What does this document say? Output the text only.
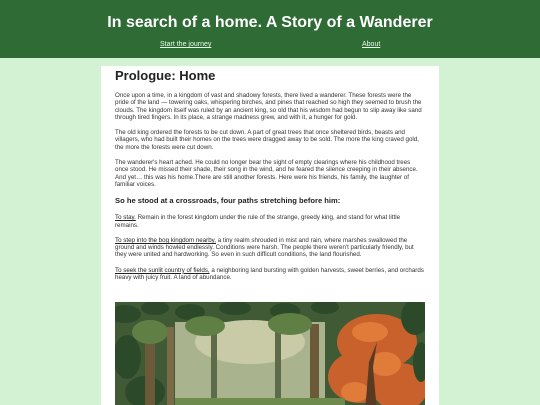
In search of a home. A Story of a Wanderer
Start the journey	About
Prologue: Home

Once upon a time, in a kingdom of vast and shadowy forests, there lived a wanderer. These forests were the pride of the land — towering oaks, whispering birches, and pines that reached so high they seemed to brush the clouds. The kingdom itself was ruled by an ancient king, so old that his wisdom had begun to slip away like sand through tired fingers. In its place, a strange madness grew, and with it, a hunger for gold.

The old king ordered the forests to be cut down. A part of great trees that once sheltered birds, beasts and villagers, who had built their homes on the trees were dragged away to be sold. The more the king craved gold, the more the forests were cut down.

The wanderer's heart ached. He could no longer bear the sight of empty clearings where his childhood trees once stood. He missed their shade, their song in the wind, and he feared the silence creeping in their absence. And yet… this was his home.There are still another forests. Here were his friends, his family, the laughter of familiar voices.

So he stood at a crossroads, four paths stretching before him:

To stay. Remain in the forest kingdom under the rule of the strange, greedy king, and stand for what little remains.

To step into the bog kingdom nearby, a tiny realm shrouded in mist and rain, where marshes swallowed the ground and winds howled endlessly. Conditions were harsh. The people there weren't particularly friendly, but they were united and hardworking. So even in such difficult conditions, the land flourished.

To seek the sunlit country of fields, a neighboring land bursting with golden harvests, sweet berries, and orchards heavy with juicy fruit. A land of abundance.
